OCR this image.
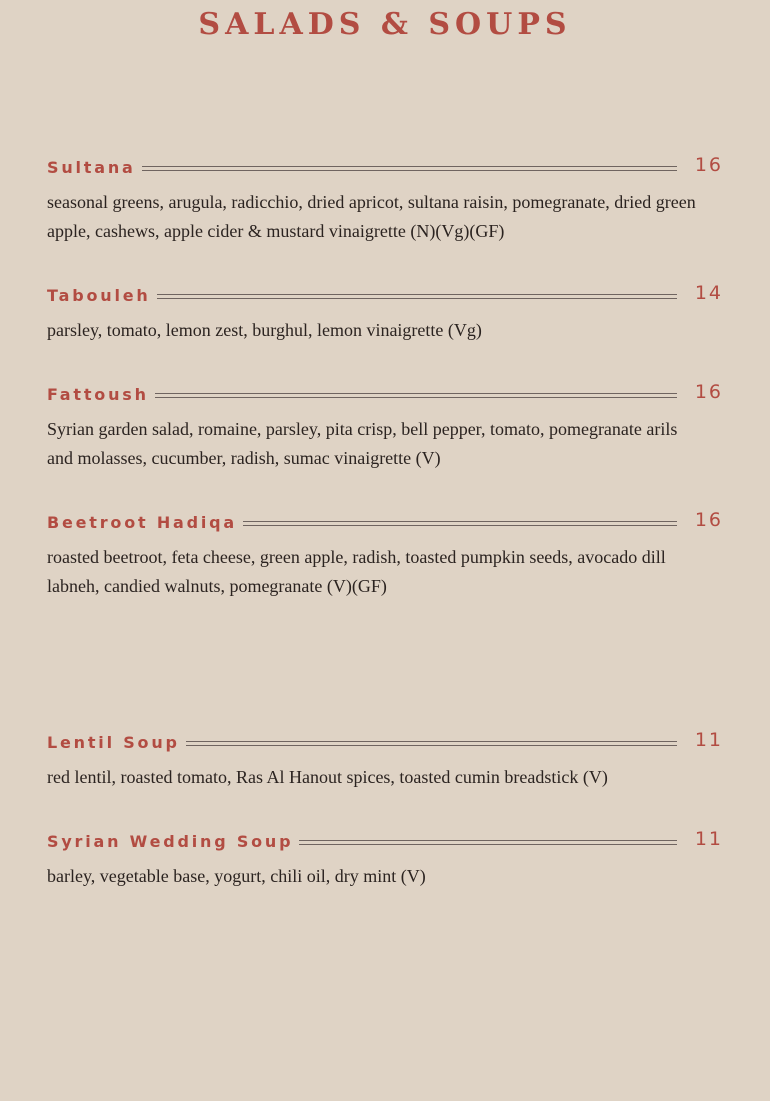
SALADS & SOUPS
Sultana	16
seasonal greens, arugula, radicchio, dried apricot, sultana raisin, pomegranate, dried green apple, cashews, apple cider & mustard vinaigrette (N)(Vg)(GF)
Tabouleh	14
parsley, tomato, lemon zest, burghul, lemon vinaigrette (Vg)
Fattoush	16
Syrian garden salad, romaine, parsley, pita crisp, bell pepper, tomato, pomegranate arils and molasses, cucumber, radish, sumac vinaigrette (V)
Beetroot Hadiqa	16
roasted beetroot, feta cheese, green apple, radish, toasted pumpkin seeds, avocado dill labneh, candied walnuts, pomegranate (V)(GF)
Lentil Soup	11
red lentil, roasted tomato, Ras Al Hanout spices, toasted cumin breadstick (V)
Syrian Wedding Soup	11
barley, vegetable base, yogurt, chili oil, dry mint (V)
